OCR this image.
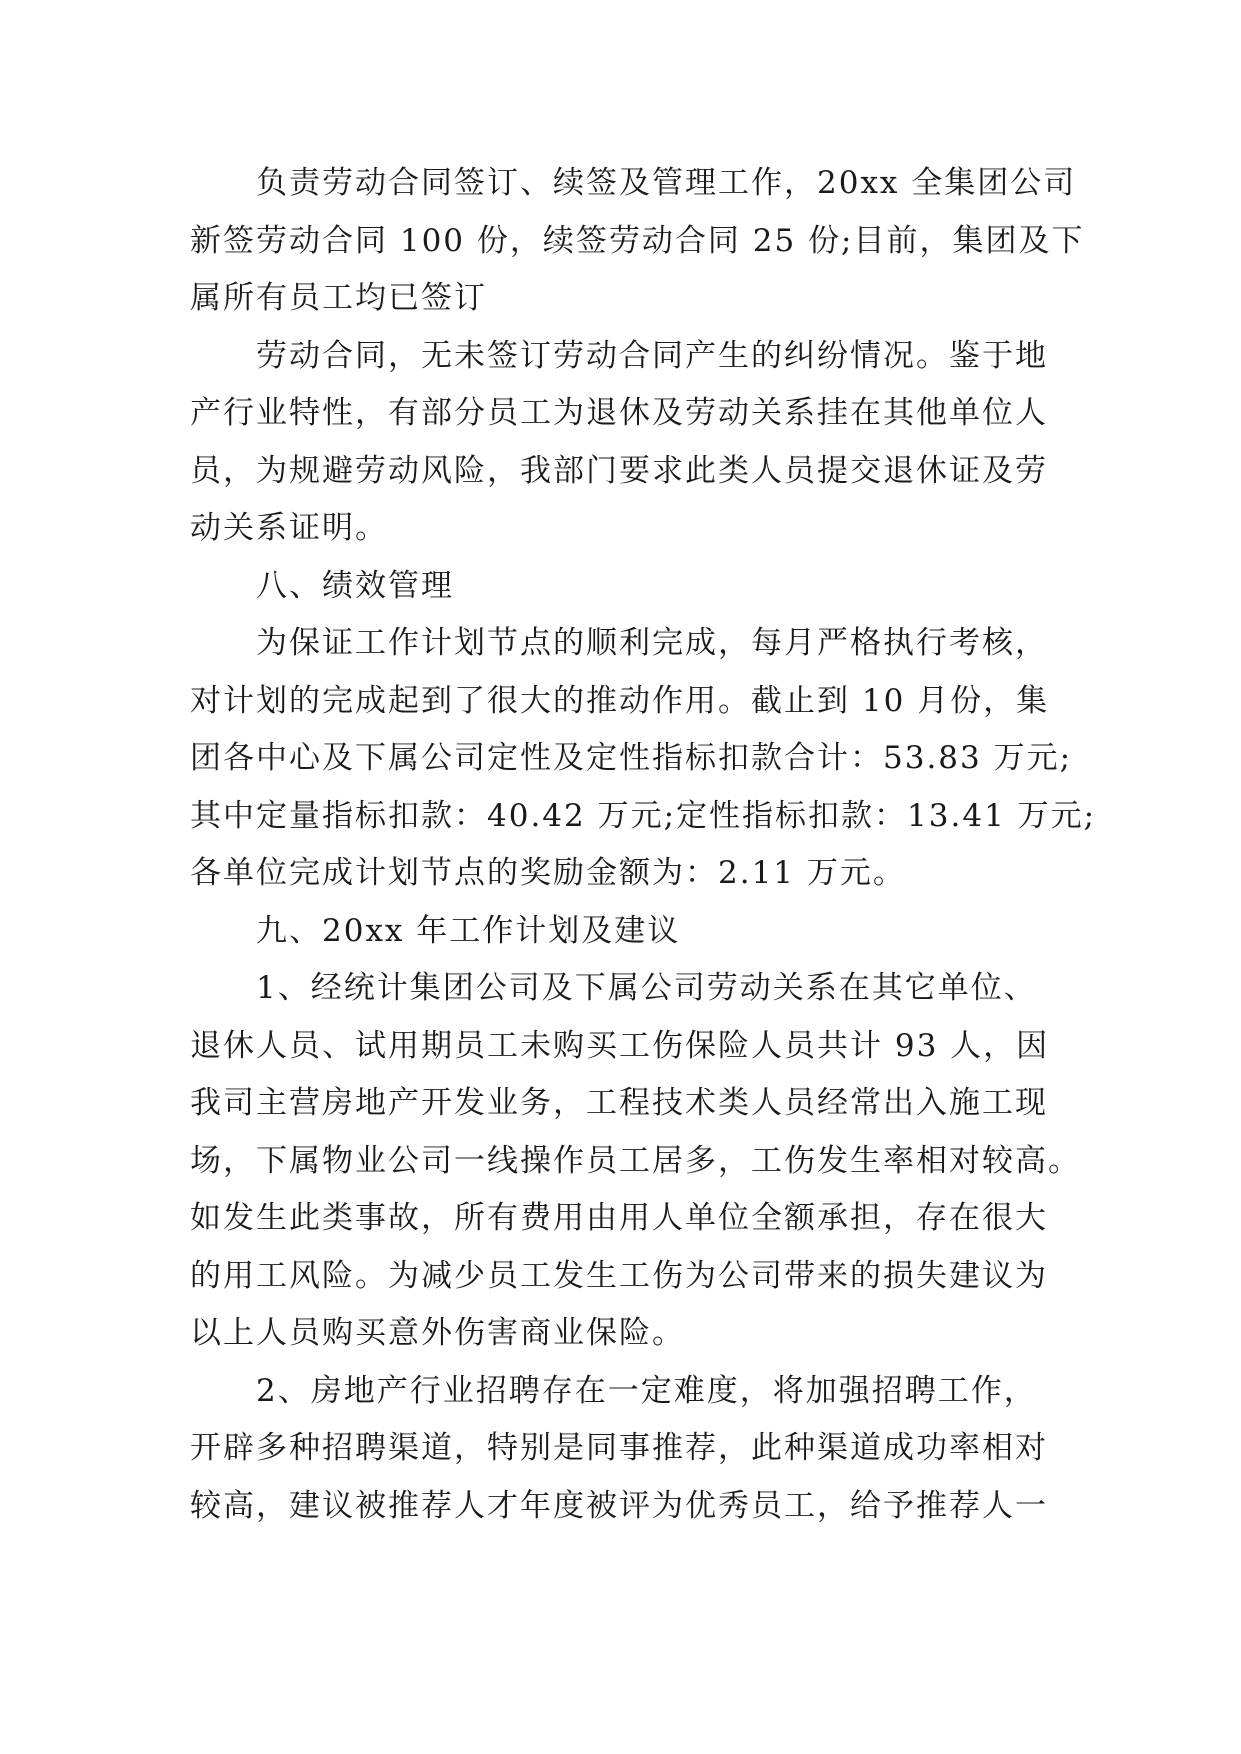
负责劳动合同签订、续签及管理工作，20xx 全集团公司
新签劳动合同 100 份，续签劳动合同 25 份;目前，集团及下
属所有员工均已签订
劳动合同，无未签订劳动合同产生的纠纷情况。鉴于地
产行业特性，有部分员工为退休及劳动关系挂在其他单位人
员，为规避劳动风险，我部门要求此类人员提交退休证及劳
动关系证明。
八、绩效管理
为保证工作计划节点的顺利完成，每月严格执行考核，
对计划的完成起到了很大的推动作用。截止到 10 月份，集
团各中心及下属公司定性及定性指标扣款合计：53.83 万元;
其中定量指标扣款：40.42 万元;定性指标扣款：13.41 万元;
各单位完成计划节点的奖励金额为：2.11 万元。
九、20xx 年工作计划及建议
1、经统计集团公司及下属公司劳动关系在其它单位、
退休人员、试用期员工未购买工伤保险人员共计 93 人，因
我司主营房地产开发业务，工程技术类人员经常出入施工现
场，下属物业公司一线操作员工居多，工伤发生率相对较高。
如发生此类事故，所有费用由用人单位全额承担，存在很大
的用工风险。为减少员工发生工伤为公司带来的损失建议为
以上人员购买意外伤害商业保险。
2、房地产行业招聘存在一定难度，将加强招聘工作，
开辟多种招聘渠道，特别是同事推荐，此种渠道成功率相对
较高，建议被推荐人才年度被评为优秀员工，给予推荐人一
